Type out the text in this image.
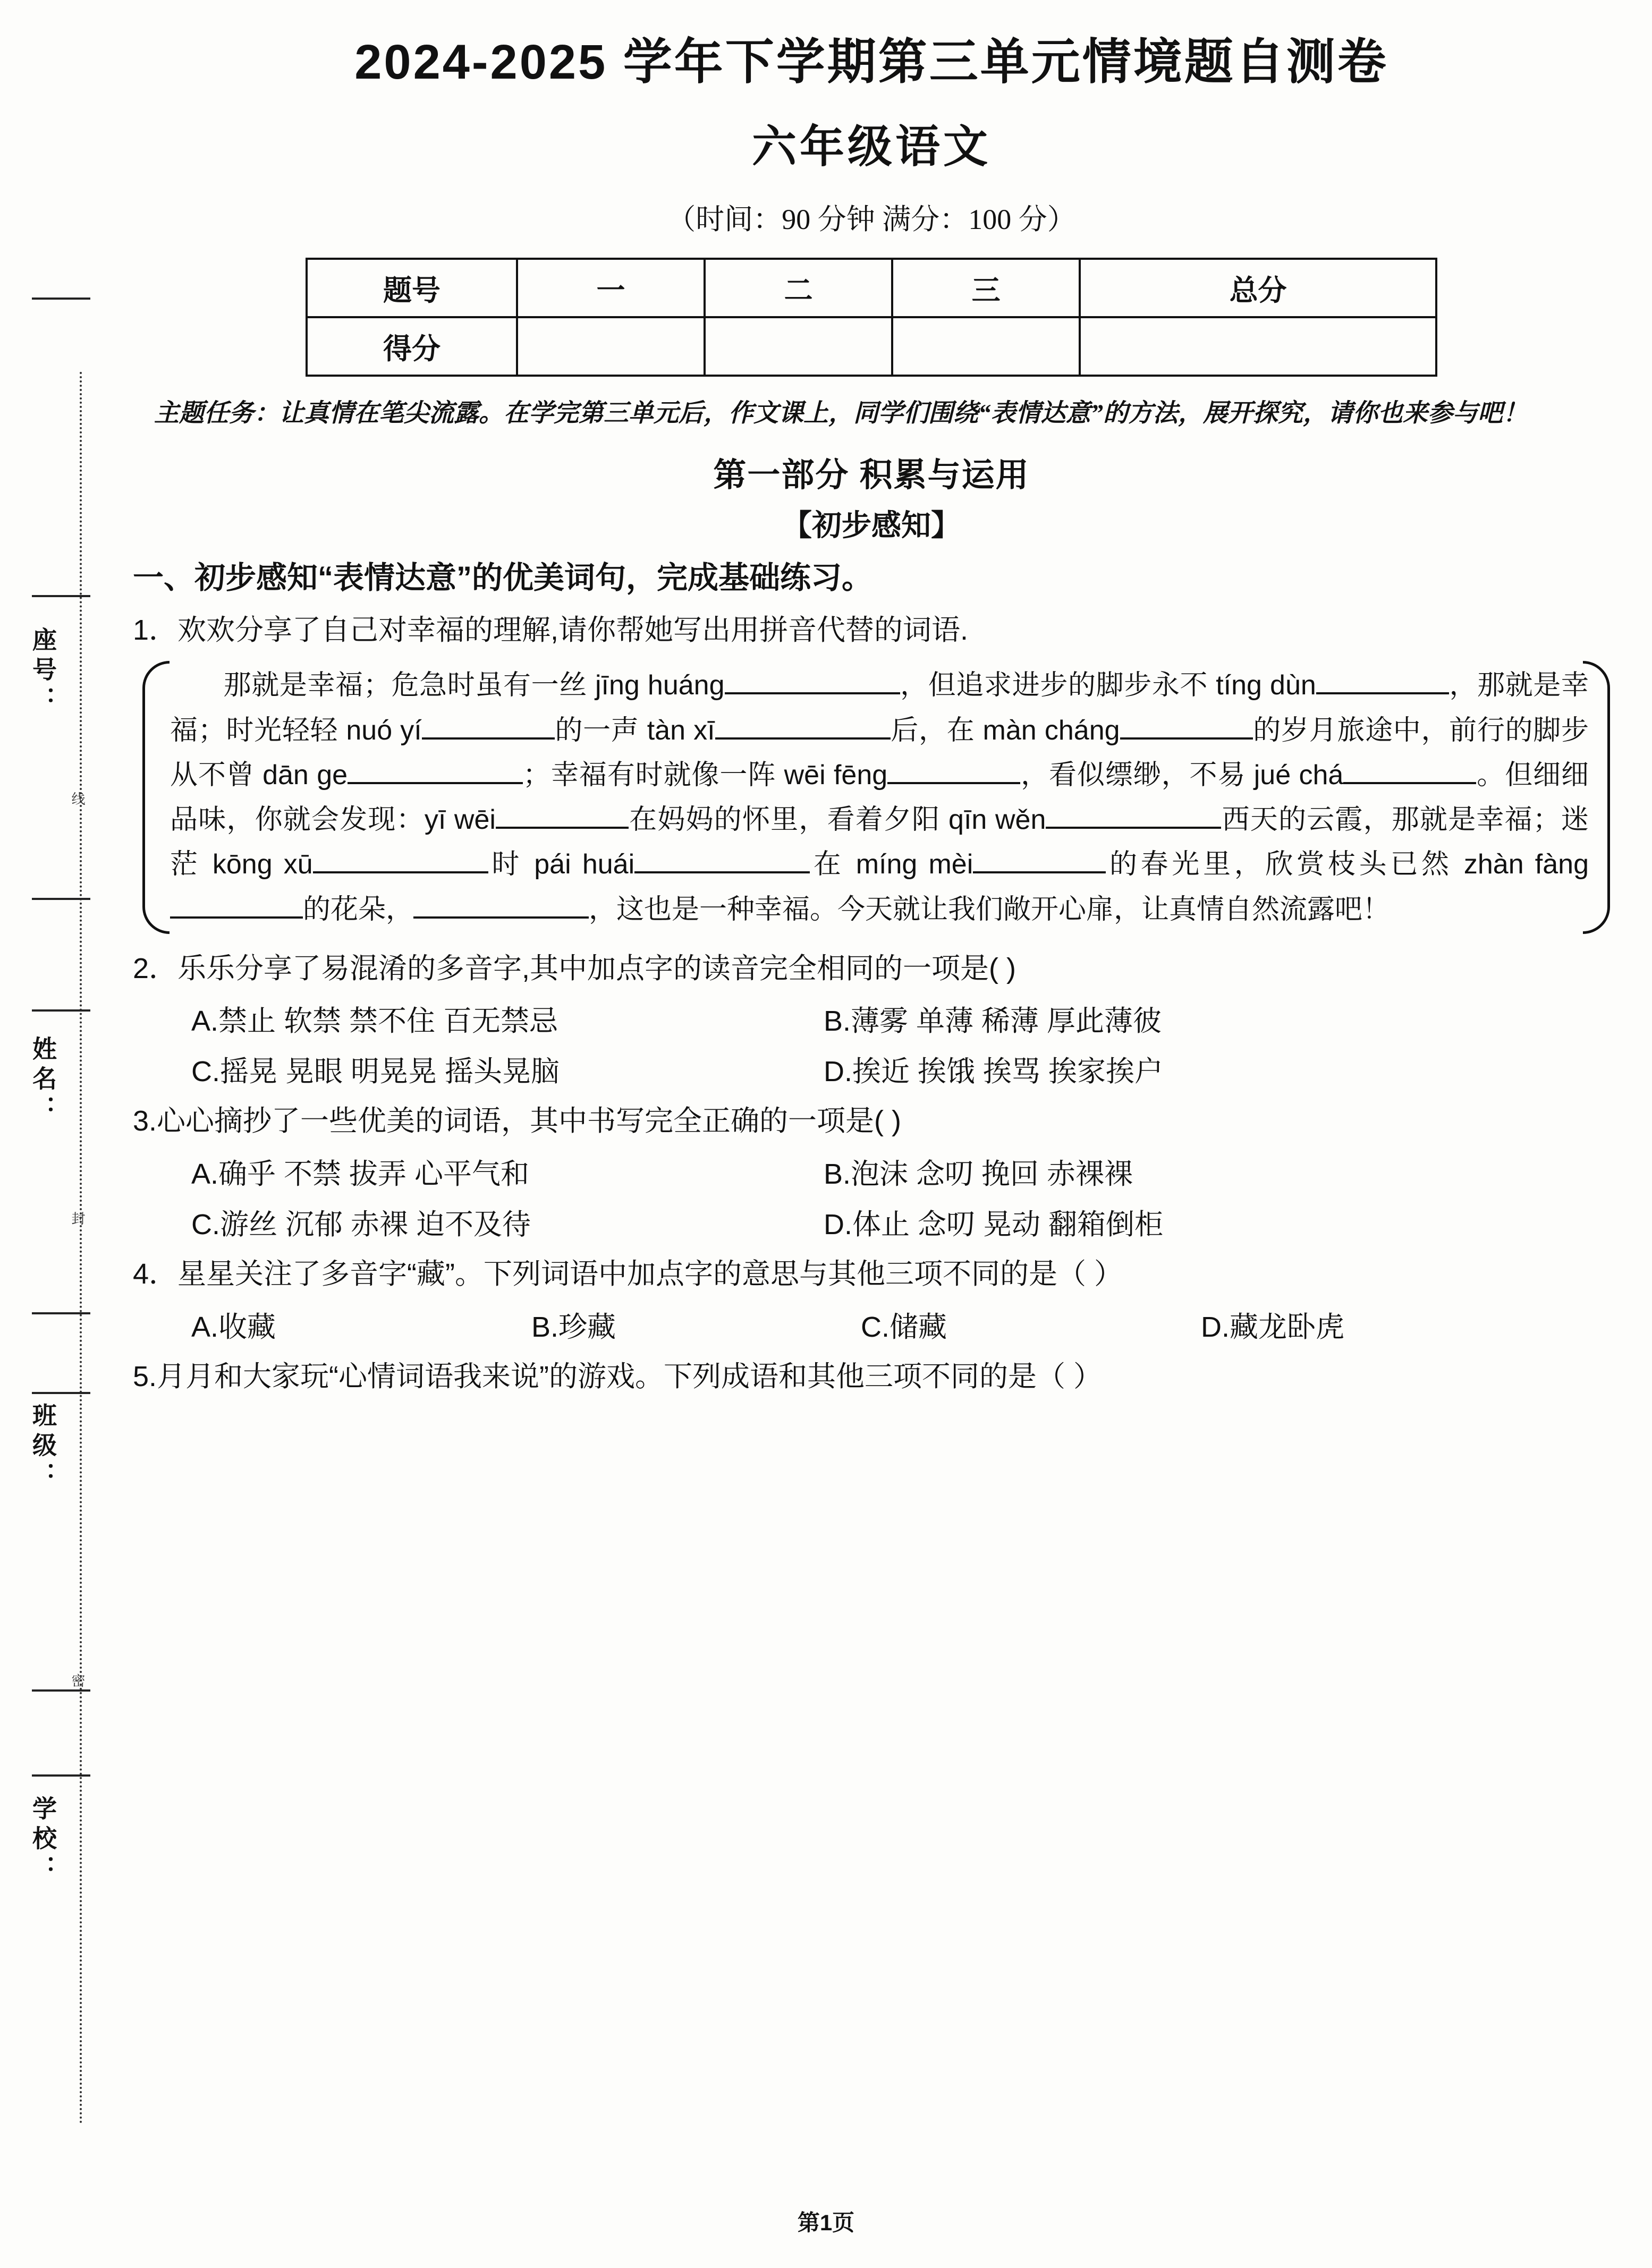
座号：
姓名：
班级：
学校：
线
封
密
2024-2025 学年下学期第三单元情境题自测卷
六年级语文
（时间：90 分钟 满分：100 分）
题号	一	二	三	总分
得分				
主题任务：让真情在笔尖流露。在学完第三单元后，作文课上，同学们围绕“表情达意”的方法，展开探究，请你也来参与吧！
第一部分 积累与运用
【初步感知】
一、初步感知“表情达意”的优美词句，完成基础练习。
1．欢欢分享了自己对幸福的理解,请你帮她写出用拼音代替的词语.
那就是幸福；危急时虽有一丝 jīng huáng	，但追求进步的脚步永不 tíng dùn	，那就是幸福；时光轻轻 nuó yí	的一声 tàn xī	后，在 màn cháng	的岁月旅途中，前行的脚步从不曾 dān ge	；幸福有时就像一阵 wēi fēng	，看似缥缈，不易 jué chá	。但细细品味，你就会发现：yī wēi	在妈妈的怀里，看着夕阳 qīn wěn	西天的云霞，那就是幸福；迷茫 kōng xū	时 pái huái	在 míng mèi	的春光里，欣赏枝头已然 zhàn fàng的花朵，	，这也是一种幸福。今天就让我们敞开心扉，让真情自然流露吧！
2．乐乐分享了易混淆的多音字,其中加点字的读音完全相同的一项是( )
A.禁止 软禁 禁不住 百无禁忌	B.薄雾 单薄 稀薄 厚此薄彼
C.摇晃 晃眼 明晃晃 摇头晃脑	D.挨近 挨饿 挨骂 挨家挨户
3.心心摘抄了一些优美的词语，其中书写完全正确的一项是( )
A.确乎 不禁 拔弄 心平气和	B.泡沫 念叨 挽回 赤裸裸
C.游丝 沉郁 赤裸 迫不及待	D.体止 念叨 晃动 翻箱倒柜
4．星星关注了多音字“藏”。下列词语中加点字的意思与其他三项不同的是（ ）
A.收藏	B.珍藏	C.储藏	D.藏龙卧虎
5.月月和大家玩“心情词语我来说”的游戏。下列成语和其他三项不同的是（ ）
第1页
